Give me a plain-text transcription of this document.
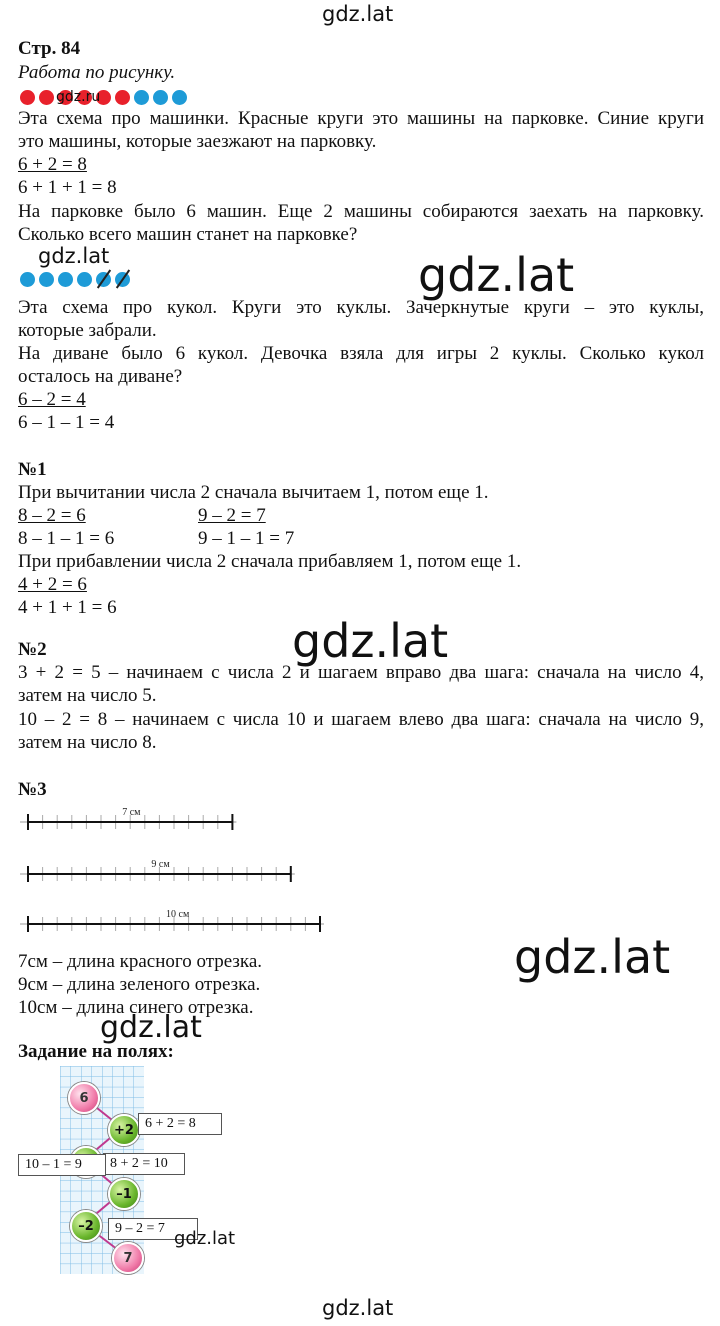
gdz.lat
Стр. 84
Работа по рисунку.
gdz.ru
Эта схема про машинки. Красные круги это машины на парковке. Синие круги
это машины, которые заезжают на парковку.
6 + 2 = 8
6 + 1 + 1 = 8
На парковке было 6 машин. Еще 2 машины собираются заехать на парковку.
Сколько всего машин станет на парковке?
gdz.lat	gdz.lat
Эта схема про кукол. Круги это куклы. Зачеркнутые круги – это куклы,
которые забрали.
На диване было 6 кукол. Девочка взяла для игры 2 куклы. Сколько кукол
осталось на диване?
6 – 2 = 4
6 – 1 – 1 = 4
№1
При вычитании числа 2 сначала вычитаем 1, потом еще 1.
8 – 2 = 6	9 – 2 = 7
8 – 1 – 1 = 6	9 – 1 – 1 = 7
При прибавлении числа 2 сначала прибавляем 1, потом еще 1.
4 + 2 = 6
4 + 1 + 1 = 6
gdz.lat
№2
3 + 2 = 5 – начинаем с числа 2 и шагаем вправо два шага: сначала на число 4,
затем на число 5.
10 – 2 = 8 – начинаем с числа 10 и шагаем влево два шага: сначала на число 9,
затем на число 8.
№3
7 см
9 см
10 см
gdz.lat
7см – длина красного отрезка.
9см – длина зеленого отрезка.
10см – длина синего отрезка.
gdz.lat
Задание на полях:
6
+2
–1
–2
7
6 + 2 = 8
8 + 2 = 10
10 – 1 = 9
9 – 2 = 7 gdz.lat
gdz.lat
